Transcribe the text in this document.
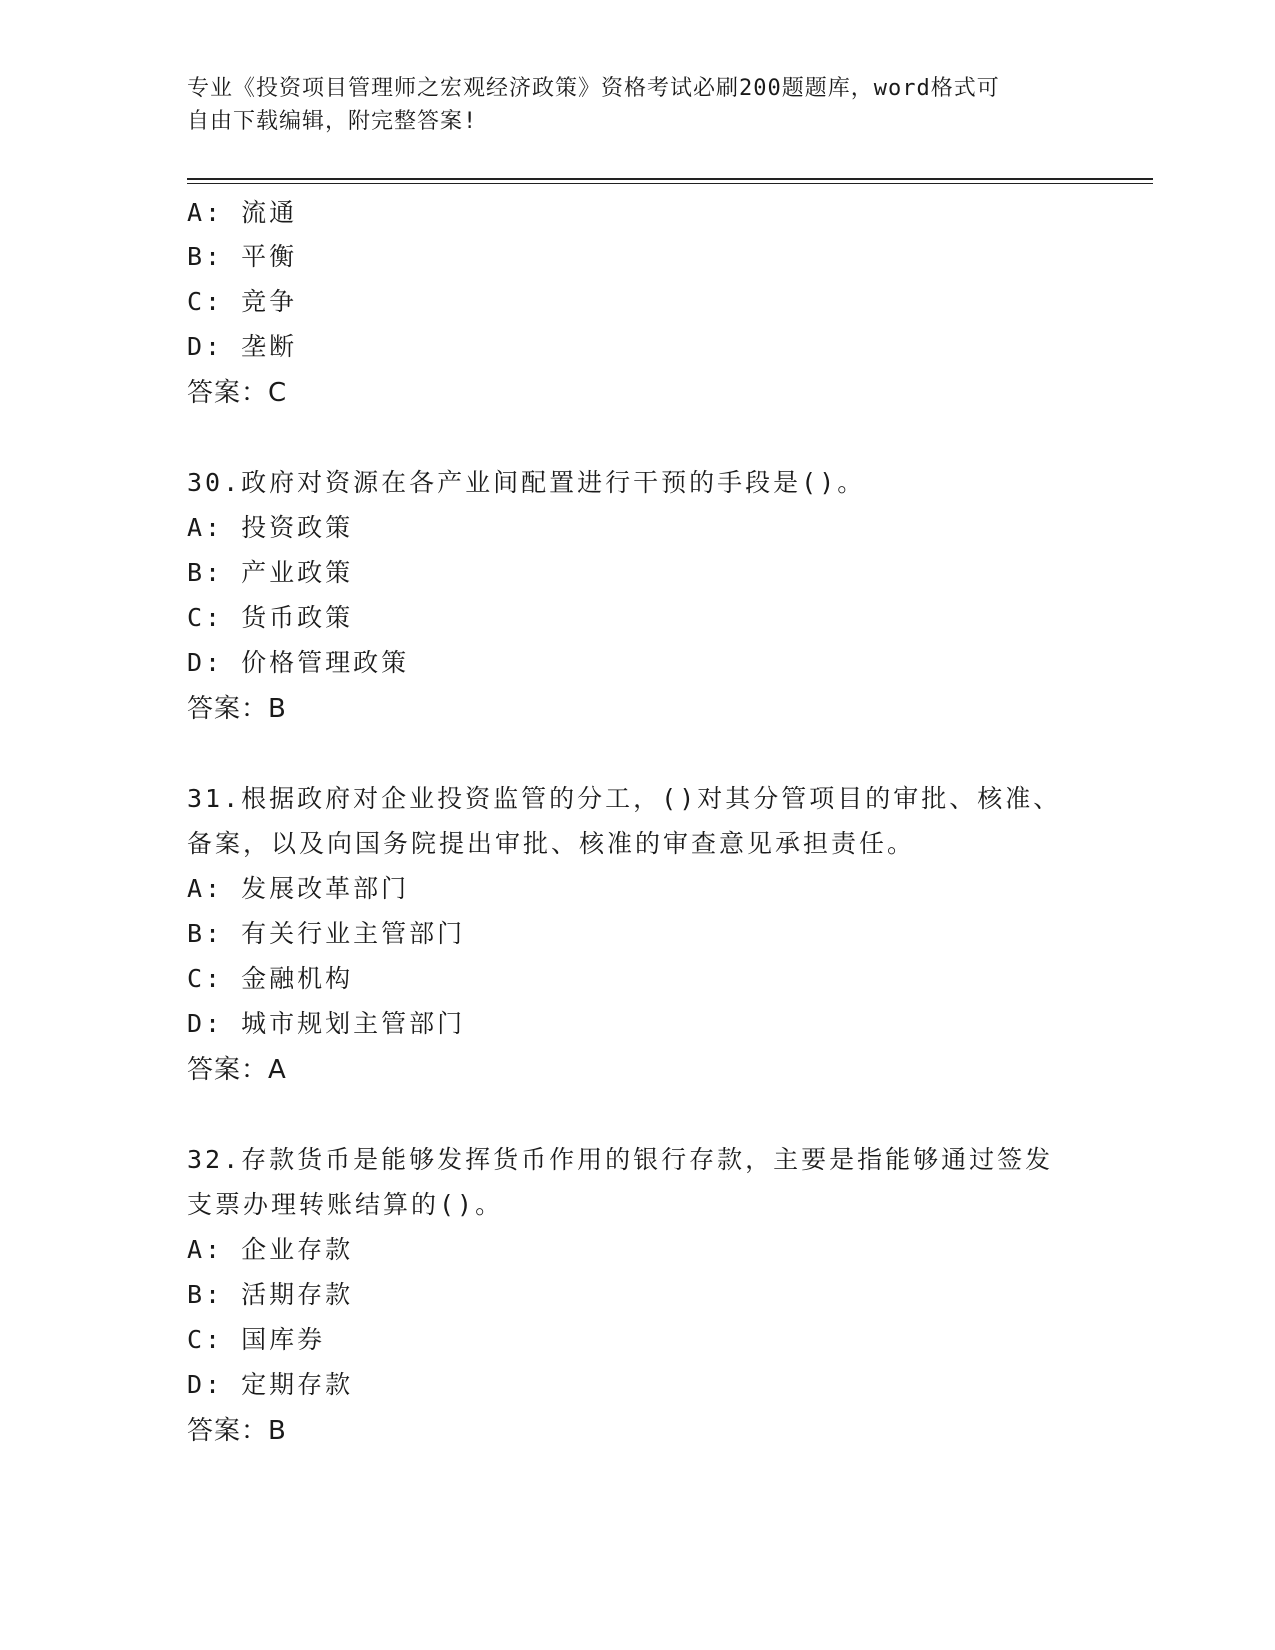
专业《投资项目管理师之宏观经济政策》资格考试必刷200题题库，word格式可
自由下载编辑，附完整答案!
A: 流通
B: 平衡
C: 竞争
D: 垄断
答案：C
30.政府对资源在各产业间配置进行干预的手段是()。
A: 投资政策
B: 产业政策
C: 货币政策
D: 价格管理政策
答案：B
31.根据政府对企业投资监管的分工，()对其分管项目的审批、核准、
备案，以及向国务院提出审批、核准的审查意见承担责任。
A: 发展改革部门
B: 有关行业主管部门
C: 金融机构
D: 城市规划主管部门
答案：A
32.存款货币是能够发挥货币作用的银行存款，主要是指能够通过签发
支票办理转账结算的()。
A: 企业存款
B: 活期存款
C: 国库券
D: 定期存款
答案：B
